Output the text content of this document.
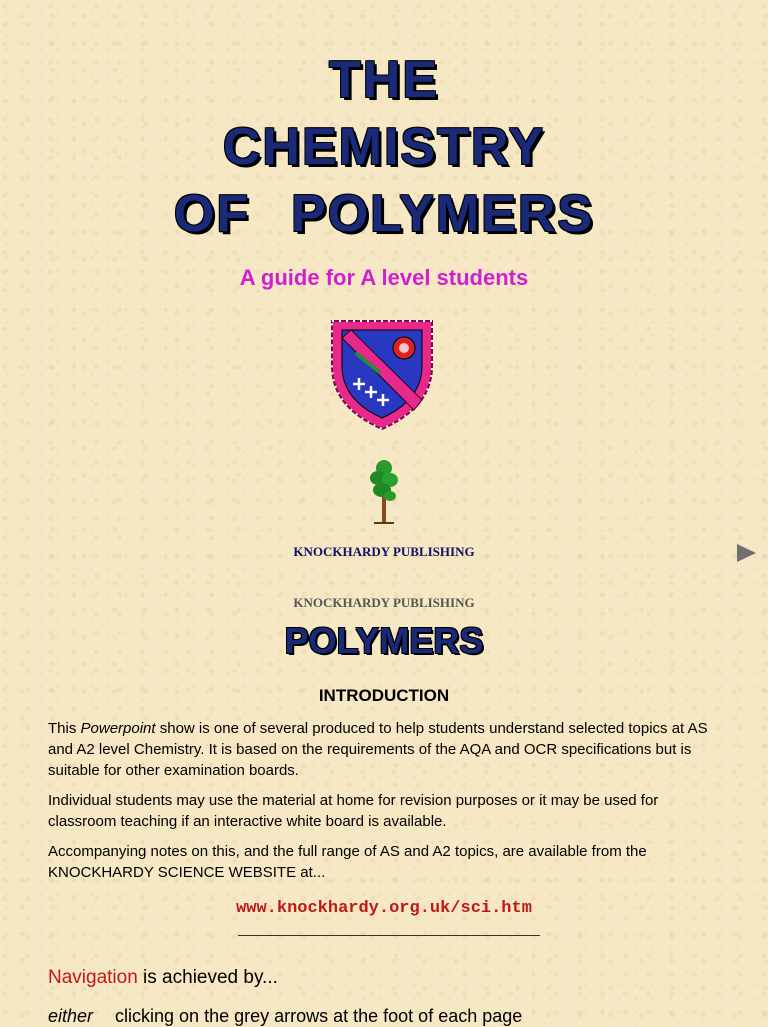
THE
CHEMISTRY
OF  POLYMERS
A guide for A level students
KNOCKHARDY PUBLISHING
KNOCKHARDY PUBLISHING
POLYMERS
INTRODUCTION

This Powerpoint show is one of several produced to help students understand selected topics at AS and A2 level Chemistry. It is based on the requirements of the AQA and OCR specifications but is suitable for other examination boards.

Individual students may use the material at home for revision purposes or it may be used for classroom teaching if an interactive white board is available.

Accompanying notes on this, and the full range of AS and A2 topics, are available from the KNOCKHARDY SCIENCE WEBSITE at...

www.knockhardy.org.uk/sci.htm
Navigation is achieved by...
either clicking on the grey arrows at the foot of each page
